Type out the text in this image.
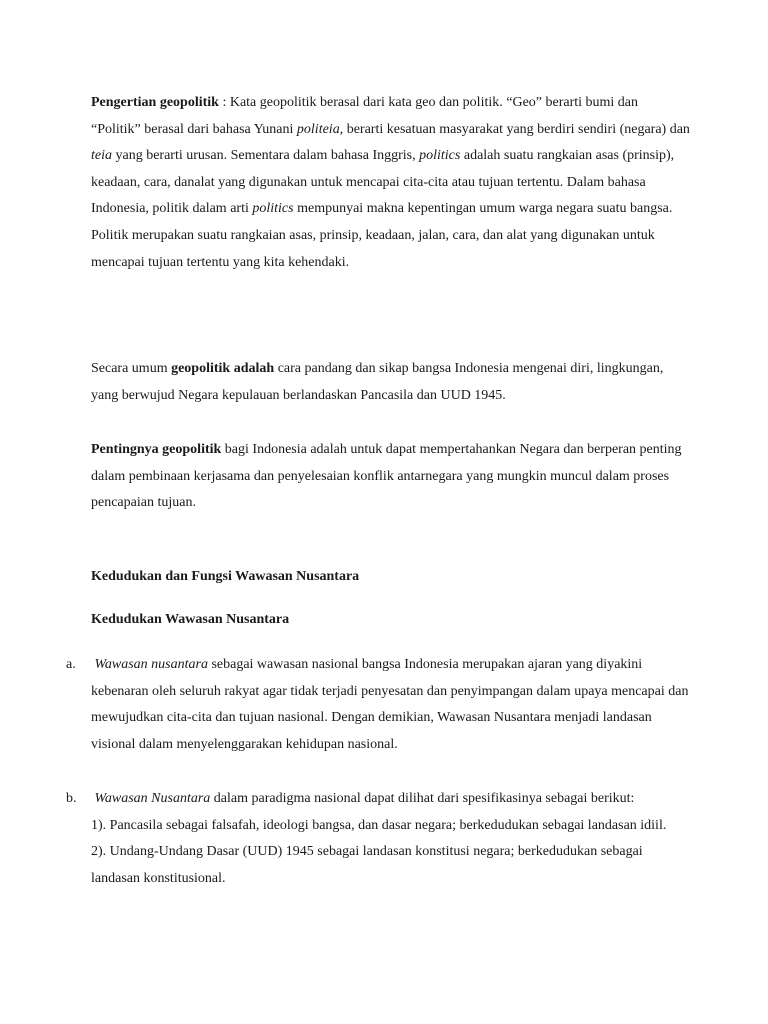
Pengertian geopolitik : Kata geopolitik berasal dari kata geo dan politik. “Geo” berarti bumi dan “Politik” berasal dari bahasa Yunani politeia, berarti kesatuan masyarakat yang berdiri sendiri (negara) dan teia yang berarti urusan. Sementara dalam bahasa Inggris, politics adalah suatu rangkaian asas (prinsip), keadaan, cara, danalat yang digunakan untuk mencapai cita-cita atau tujuan tertentu. Dalam bahasa Indonesia, politik dalam arti politics mempunyai makna kepentingan umum warga negara suatu bangsa. Politik merupakan suatu rangkaian asas, prinsip, keadaan, jalan, cara, dan alat yang digunakan untuk mencapai tujuan tertentu yang kita kehendaki.

Secara umum geopolitik adalah cara pandang dan sikap bangsa Indonesia mengenai diri, lingkungan, yang berwujud Negara kepulauan berlandaskan Pancasila dan UUD 1945.

Pentingnya geopolitik bagi Indonesia adalah untuk dapat mempertahankan Negara dan berperan penting dalam pembinaan kerjasama dan penyelesaian konflik antarnegara yang mungkin muncul dalam proses pencapaian tujuan.

Kedudukan dan Fungsi Wawasan Nusantara
Kedudukan Wawasan Nusantara
a. Wawasan nusantara sebagai wawasan nasional bangsa Indonesia merupakan ajaran yang diyakini kebenaran oleh seluruh rakyat agar tidak terjadi penyesatan dan penyimpangan dalam upaya mencapai dan mewujudkan cita-cita dan tujuan nasional. Dengan demikian, Wawasan Nusantara menjadi landasan visional dalam menyelenggarakan kehidupan nasional.
b. Wawasan Nusantara dalam paradigma nasional dapat dilihat dari spesifikasinya sebagai berikut:
1). Pancasila sebagai falsafah, ideologi bangsa, dan dasar negara; berkedudukan sebagai landasan idiil.
2). Undang-Undang Dasar (UUD) 1945 sebagai landasan konstitusi negara; berkedudukan sebagai landasan konstitusional.
